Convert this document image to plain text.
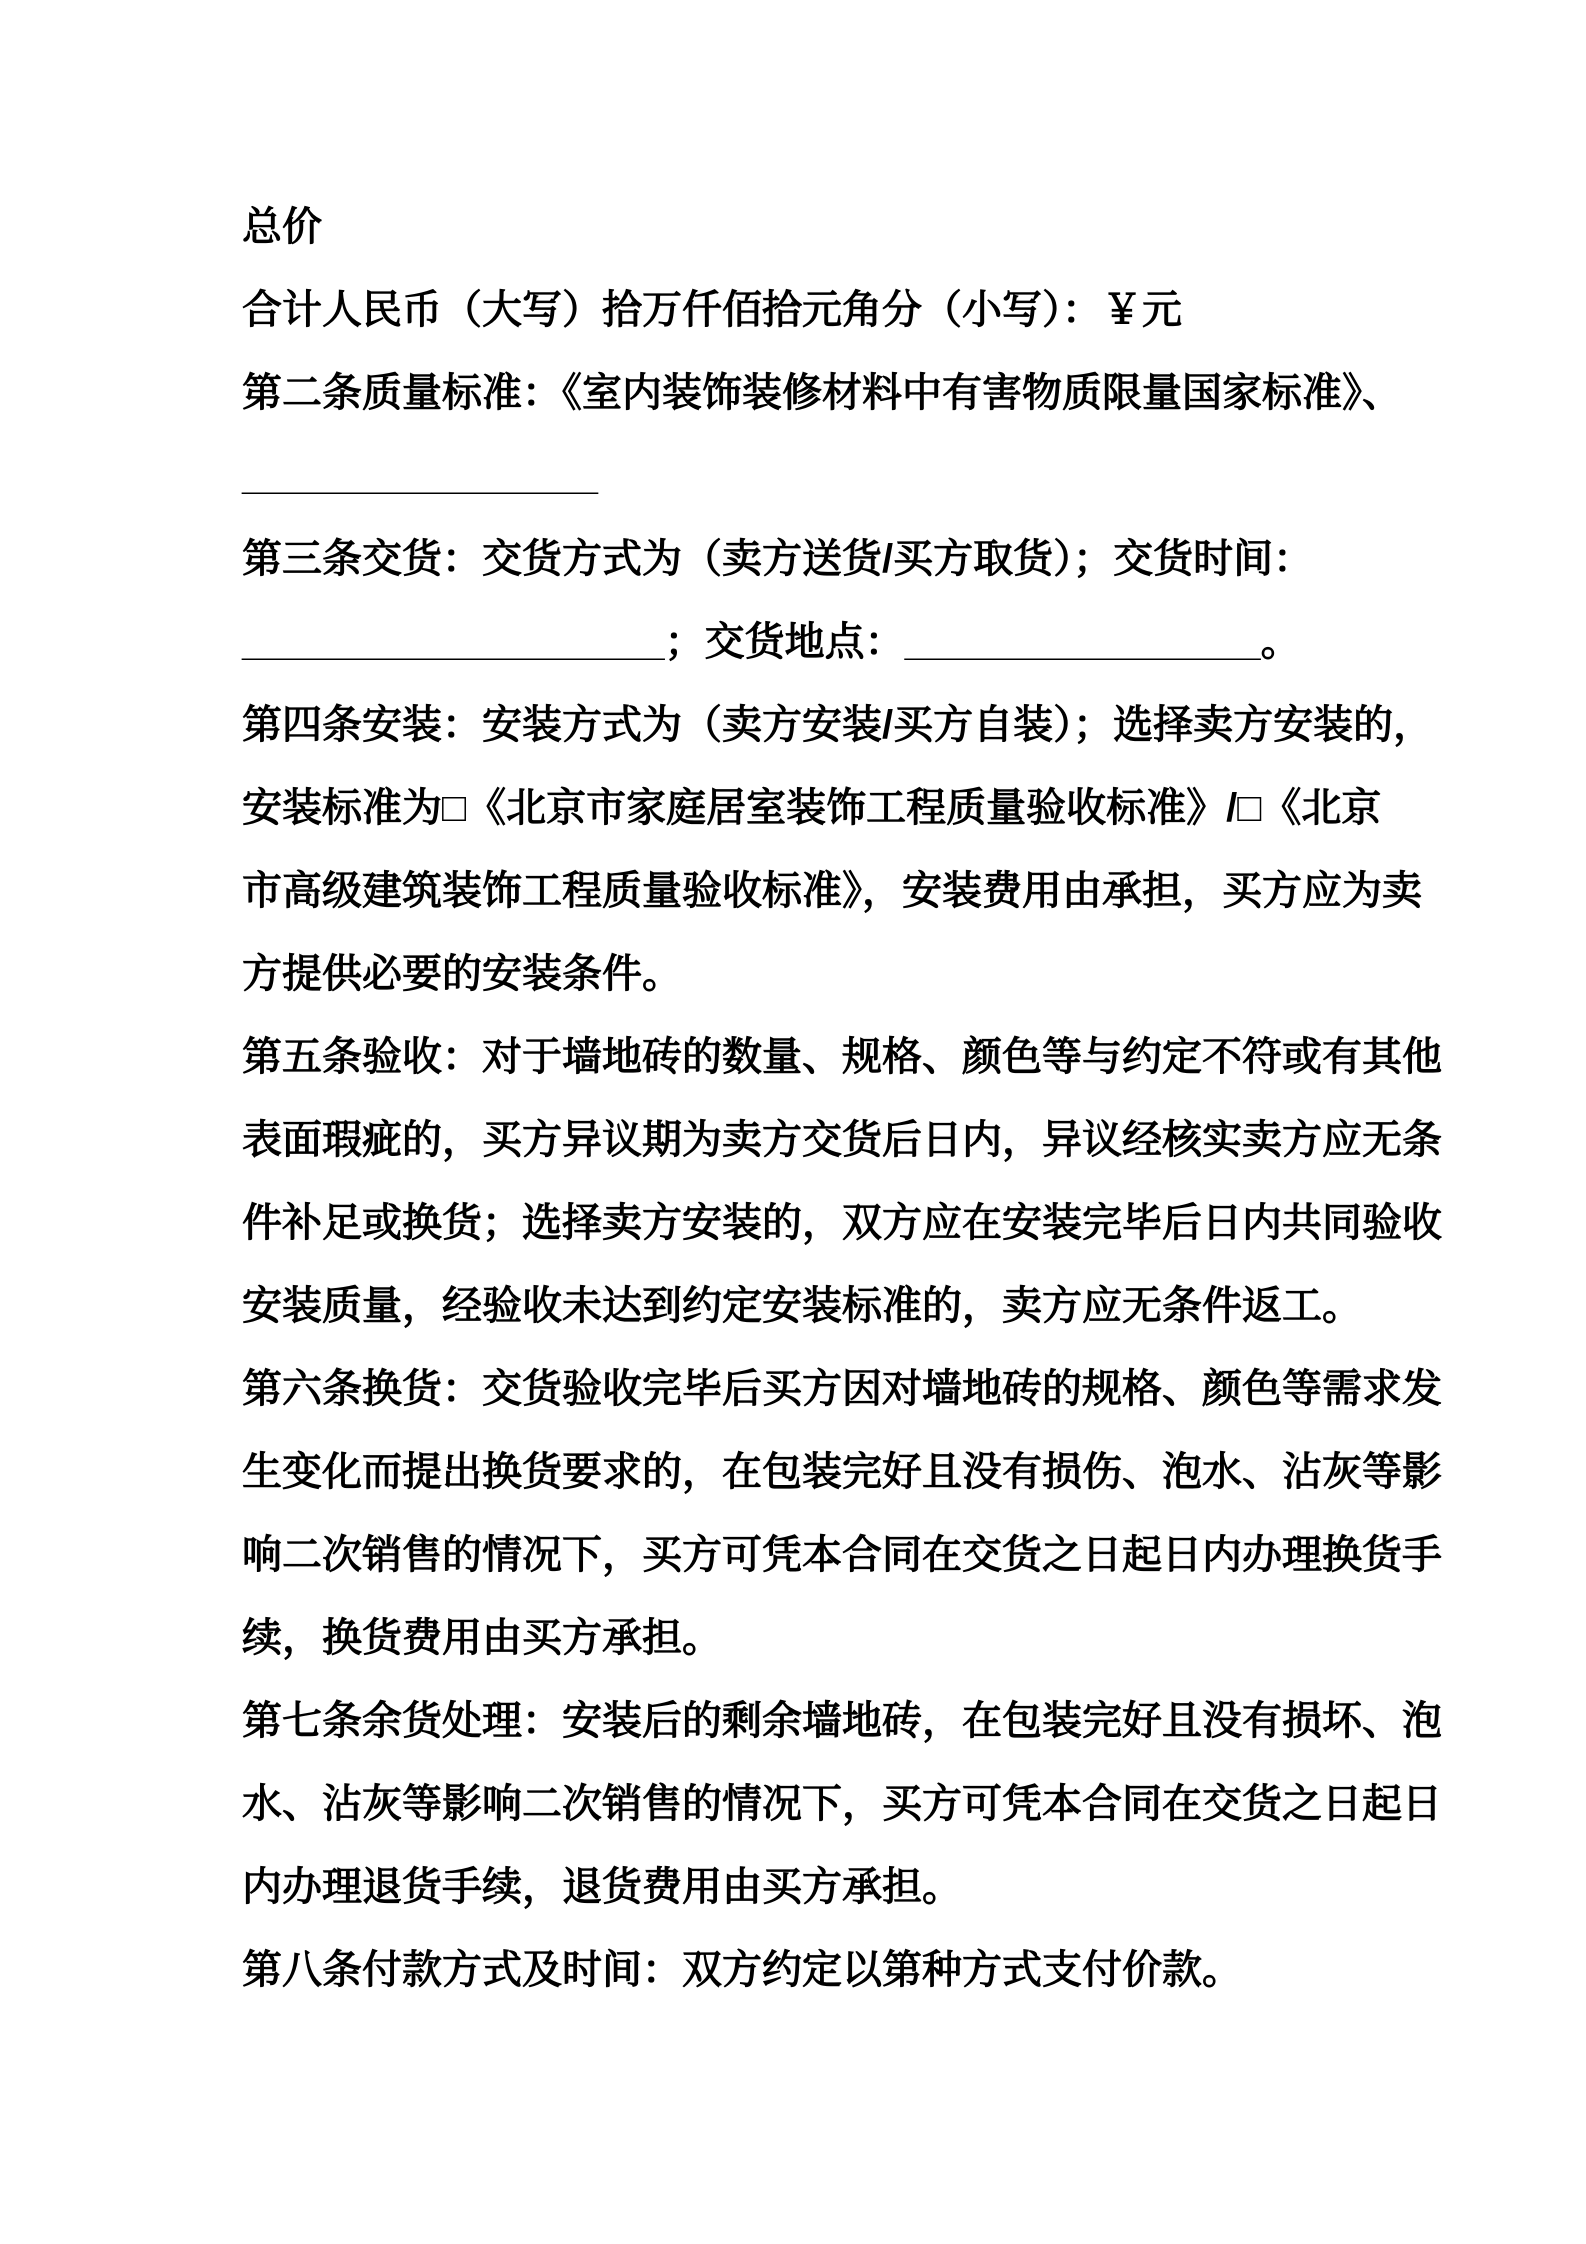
总价
合计人民币（大写）拾万仟佰拾元角分（小写）：￥元
第二条质量标准：《室内装饰装修材料中有害物质限量国家标准》、
________________
第三条交货：交货方式为（卖方送货/买方取货）；交货时间：
___________________；交货地点：________________。
第四条安装：安装方式为（卖方安装/买方自装）；选择卖方安装的，
安装标准为□《北京市家庭居室装饰工程质量验收标准》/□《北京
市高级建筑装饰工程质量验收标准》，安装费用由承担，买方应为卖
方提供必要的安装条件。
第五条验收：对于墙地砖的数量、规格、颜色等与约定不符或有其他
表面瑕疵的，买方异议期为卖方交货后日内，异议经核实卖方应无条
件补足或换货；选择卖方安装的，双方应在安装完毕后日内共同验收
安装质量，经验收未达到约定安装标准的，卖方应无条件返工。
第六条换货：交货验收完毕后买方因对墙地砖的规格、颜色等需求发
生变化而提出换货要求的，在包装完好且没有损伤、泡水、沾灰等影
响二次销售的情况下，买方可凭本合同在交货之日起日内办理换货手
续，换货费用由买方承担。
第七条余货处理：安装后的剩余墙地砖，在包装完好且没有损坏、泡
水、沾灰等影响二次销售的情况下，买方可凭本合同在交货之日起日
内办理退货手续，退货费用由买方承担。
第八条付款方式及时间：双方约定以第种方式支付价款。
